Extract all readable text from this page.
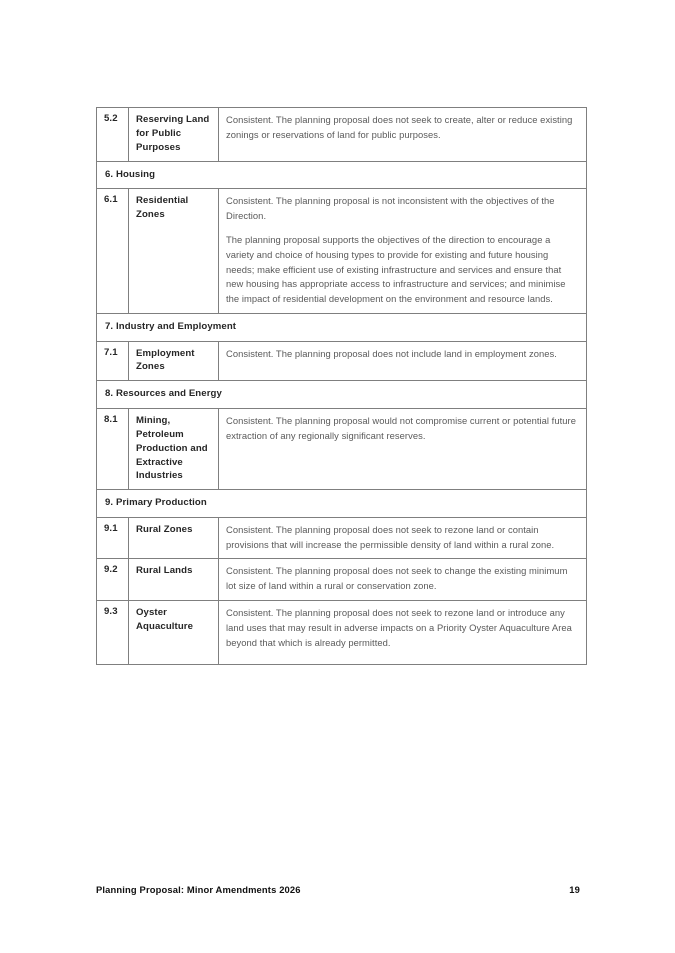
5.2	Reserving Land for Public Purposes	Consistent. The planning proposal does not seek to create, alter or reduce existing zonings or reservations of land for public purposes.

6. Housing		
6.1	Residential Zones	Consistent. The planning proposal is not inconsistent with the objectives of the Direction.

The planning proposal supports the objectives of the direction to encourage a variety and choice of housing types to provide for existing and future housing needs; make efficient use of existing infrastructure and services and ensure that new housing has appropriate access to infrastructure and services; and minimise the impact of residential development on the environment and resource lands.

7. Industry and Employment		
7.1	Employment Zones	Consistent. The planning proposal does not include land in employment zones.

8. Resources and Energy		
8.1	Mining, Petroleum Production and Extractive Industries	Consistent. The planning proposal would not compromise current or potential future extraction of any regionally significant reserves.

9. Primary Production		
9.1	Rural Zones	Consistent. The planning proposal does not seek to rezone land or contain provisions that will increase the permissible density of land within a rural zone.

9.2	Rural Lands	Consistent. The planning proposal does not seek to change the existing minimum lot size of land within a rural or conservation zone.

9.3	Oyster Aquaculture	Consistent. The planning proposal does not seek to rezone land or introduce any land uses that may result in adverse impacts on a Priority Oyster Aquaculture Area beyond that which is already permitted.

Planning Proposal: Minor Amendments 2026	19
